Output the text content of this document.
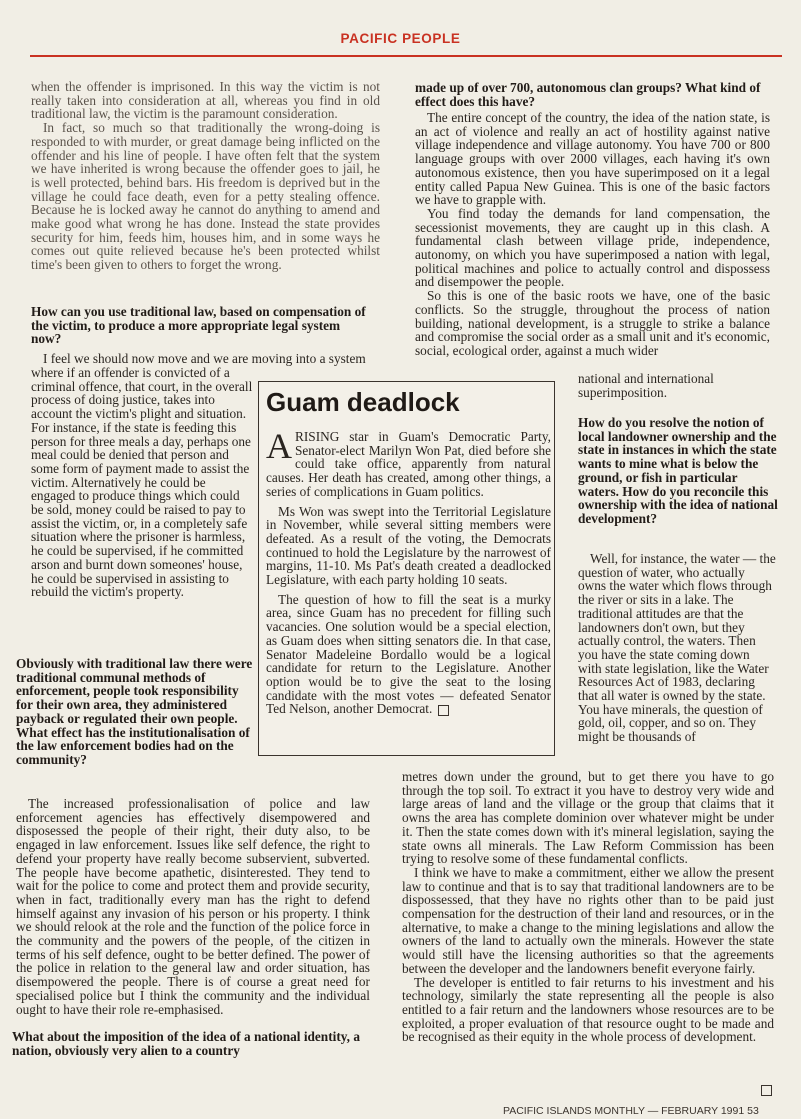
PACIFIC PEOPLE

when the offender is imprisoned. In this way the victim is not really taken into consideration at all, whereas you find in old traditional law, the victim is the paramount consideration.

In fact, so much so that traditionally the wrong-doing is responded to with murder, or great damage being inflicted on the offender and his line of people. I have often felt that the system we have inherited is wrong because the offender goes to jail, he is well protected, behind bars. His freedom is deprived but in the village he could face death, even for a petty stealing offence. Because he is locked away he cannot do anything to amend and make good what wrong he has done. Instead the state provides security for him, feeds him, houses him, and in some ways he comes out quite relieved because he's been protected whilst time's been given to others to forget the wrong.

How can you use traditional law, based on compensation of the victim, to produce a more appropriate legal system now?

I feel we should now move and we are moving into a system

where if an offender is convicted of a criminal offence, that court, in the overall process of doing justice, takes into account the victim's plight and situation. For instance, if the state is feeding this person for three meals a day, perhaps one meal could be denied that person and some form of payment made to assist the victim. Alternatively he could be engaged to produce things which could be sold, money could be raised to pay to assist the victim, or, in a completely safe situation where the prisoner is harmless, he could be supervised, if he committed arson and burnt down someones' house, he could be supervised in assisting to rebuild the victim's property.

Obviously with traditional law there were traditional communal methods of enforcement, people took responsibility for their own area, they administered payback or regulated their own people. What effect has the institutionalisation of the law enforcement bodies had on the community?

The increased professionalisation of police and law enforcement agencies has effectively disempowered and disposessed the people of their right, their duty also, to be engaged in law enforcement. Issues like self defence, the right to defend your property have really become subservient, subverted. The people have become apathetic, disinterested. They tend to wait for the police to come and protect them and provide security, when in fact, traditionally every man has the right to defend himself against any invasion of his person or his property. I think we should relook at the role and the function of the police force in the community and the powers of the people, of the citizen in terms of his self defence, ought to be better defined. The power of the police in relation to the general law and order situation, has disempowered the people. There is of course a great need for specialised police but I think the community and the individual ought to have their role re-emphasised.

What about the imposition of the idea of a national identity, a nation, obviously very alien to a country

made up of over 700, autonomous clan groups? What kind of effect does this have?

The entire concept of the country, the idea of the nation state, is an act of violence and really an act of hostility against native village independence and village autonomy. You have 700 or 800 language groups with over 2000 villages, each having it's own autonomous existence, then you have superimposed on it a legal entity called Papua New Guinea. This is one of the basic factors we have to grapple with.

You find today the demands for land compensation, the secessionist movements, they are caught up in this clash. A fundamental clash between village pride, independence, autonomy, on which you have superimposed a nation with legal, political machines and police to actually control and dispossess and disempower the people.

So this is one of the basic roots we have, one of the basic conflicts. So the struggle, throughout the process of nation building, national development, is a struggle to strike a balance and compromise the social order as a small unit and it's economic, social, ecological order, against a much wider

national and international superimposition.

How do you resolve the notion of local landowner ownership and the state in instances in which the state wants to mine what is below the ground, or fish in particular waters. How do you reconcile this ownership with the idea of national development?

Well, for instance, the water — the question of water, who actually owns the water which flows through the river or sits in a lake. The traditional attitudes are that the landowners don't own, but they actually control, the waters. Then you have the state coming down with state legislation, like the Water Resources Act of 1983, declaring that all water is owned by the state. You have minerals, the question of gold, oil, copper, and so on. They might be thousands of

metres down under the ground, but to get there you have to go through the top soil. To extract it you have to destroy very wide and large areas of land and the village or the group that claims that it owns the area has complete dominion over whatever might be under it. Then the state comes down with it's mineral legislation, saying the state owns all minerals. The Law Reform Commission has been trying to resolve some of these fundamental conflicts.

I think we have to make a commitment, either we allow the present law to continue and that is to say that traditional landowners are to be dispossessed, that they have no rights other than to be paid just compensation for the destruction of their land and resources, or in the alternative, to make a change to the mining legislations and allow the owners of the land to actually own the minerals. However the state would still have the licensing authorities so that the agreements between the developer and the landowners benefit everyone fairly.

The developer is entitled to fair returns to his investment and his technology, similarly the state representing all the people is also entitled to a fair return and the landowners whose resources are to be exploited, a proper evaluation of that resource ought to be made and be recognised as their equity in the whole process of development.

Guam deadlock

ARISING star in Guam's Democratic Party, Senator-elect Marilyn Won Pat, died before she could take office, apparently from natural causes. Her death has created, among other things, a series of complications in Guam politics.

Ms Won was swept into the Territorial Legislature in November, while several sitting members were defeated. As a result of the voting, the Democrats continued to hold the Legislature by the narrowest of margins, 11-10. Ms Pat's death created a deadlocked Legislature, with each party holding 10 seats.

The question of how to fill the seat is a murky area, since Guam has no precedent for filling such vacancies. One solution would be a special election, as Guam does when sitting senators die. In that case, Senator Madeleine Bordallo would be a logical candidate for return to the Legislature. Another option would be to give the seat to the losing candidate with the most votes — defeated Senator Ted Nelson, another Democrat.

PACIFIC ISLANDS MONTHLY — FEBRUARY 1991 53
